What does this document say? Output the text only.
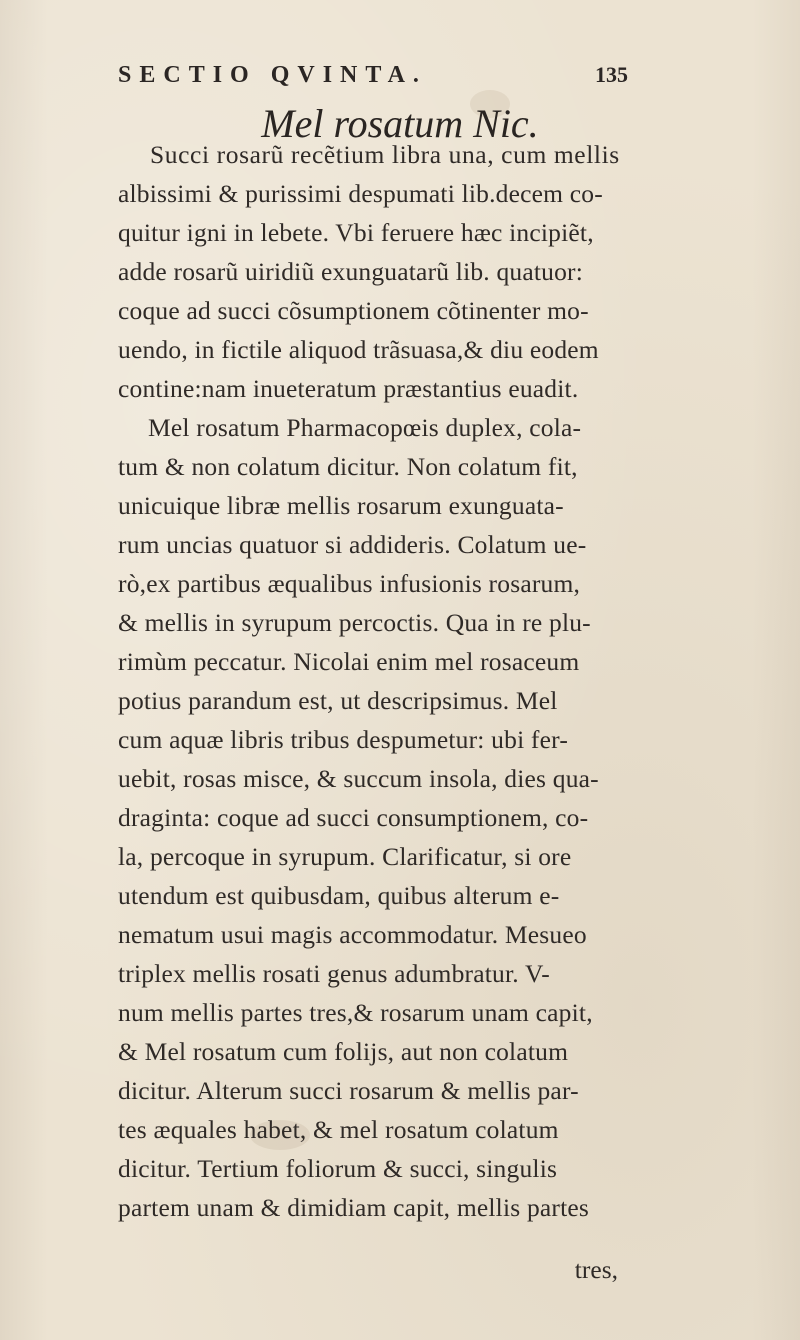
SECTIO QVINTA.	135
Mel rosatum Nic.
Succi rosarũ recẽtium libra una, cum mellis
albissimi & purissimi despumati lib.decem co-
quitur igni in lebete. Vbi feruere hæc incipiẽt,
adde rosarũ uiridiũ exunguatarũ lib. quatuor:
coque ad succi cõsumptionem cõtinenter mo-
uendo, in fictile aliquod trãsuasa,& diu eodem
contine:nam inueteratum præstantius euadit.
Mel rosatum Pharmacopœis duplex, cola-
tum & non colatum dicitur. Non colatum fit,
unicuique libræ mellis rosarum exunguata-
rum uncias quatuor si addideris. Colatum ue-
rò,ex partibus æqualibus infusionis rosarum,
& mellis in syrupum percoctis. Qua in re plu-
rimùm peccatur. Nicolai enim mel rosaceum
potius parandum est, ut descripsimus. Mel
cum aquæ libris tribus despumetur: ubi fer-
uebit, rosas misce, & succum insola, dies qua-
draginta: coque ad succi consumptionem, co-
la, percoque in syrupum. Clarificatur, si ore
utendum est quibusdam, quibus alterum e-
nematum usui magis accommodatur. Mesueo
triplex mellis rosati genus adumbratur. V-
num mellis partes tres,& rosarum unam capit,
& Mel rosatum cum folijs, aut non colatum
dicitur. Alterum succi rosarum & mellis par-
tes æquales habet, & mel rosatum colatum
dicitur. Tertium foliorum & succi, singulis
partem unam & dimidiam capit, mellis partes
tres,
